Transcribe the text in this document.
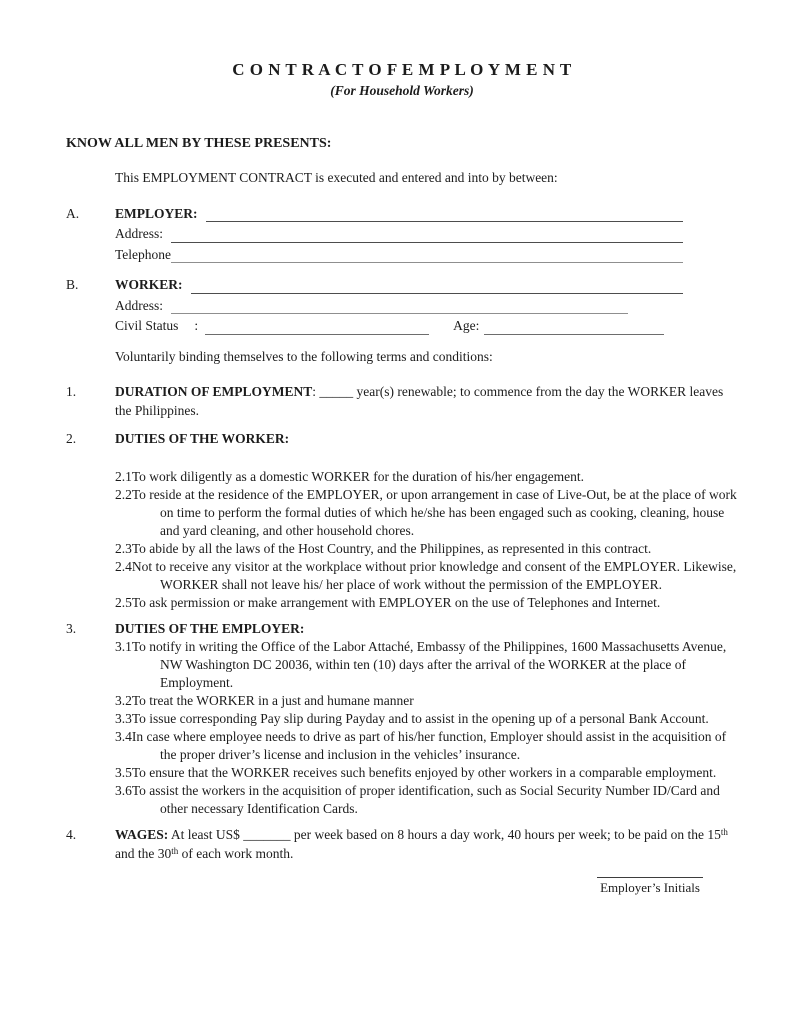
C O N T R A C T O F E M P L O Y M E N T
(For Household Workers)
KNOW ALL MEN BY THESE PRESENTS:
This EMPLOYMENT CONTRACT is executed and entered and into by between:
A.	EMPLOYER:
Address:
Telephone
B.	WORKER:
Address:
Civil Status :	Age:
Voluntarily binding themselves to the following terms and conditions:
1.	DURATION OF EMPLOYMENT: _____ year(s) renewable; to commence from the day the WORKER leaves the Philippines.
2.	DUTIES OF THE WORKER:
2.1To work diligently as a domestic WORKER for the duration of his/her engagement.
2.2To reside at the residence of the EMPLOYER, or upon arrangement in case of Live-Out, be at the place of work on time to perform the formal duties of which he/she has been engaged such as cooking, cleaning, house and yard cleaning, and other household chores.
2.3To abide by all the laws of the Host Country, and the Philippines, as represented in this contract.
2.4Not to receive any visitor at the workplace without prior knowledge and consent of the EMPLOYER. Likewise, WORKER shall not leave his/ her place of work without the permission of the EMPLOYER.
2.5To ask permission or make arrangement with EMPLOYER on the use of Telephones and Internet.
3.	DUTIES OF THE EMPLOYER:
3.1To notify in writing the Office of the Labor Attaché, Embassy of the Philippines, 1600 Massachusetts Avenue, NW Washington DC 20036, within ten (10) days after the arrival of the WORKER at the place of Employment.
3.2To treat the WORKER in a just and humane manner
3.3To issue corresponding Pay slip during Payday and to assist in the opening up of a personal Bank Account.
3.4In case where employee needs to drive as part of his/her function, Employer should assist in the acquisition of the proper driver’s license and inclusion in the vehicles’ insurance.
3.5To ensure that the WORKER receives such benefits enjoyed by other workers in a comparable employment.
3.6To assist the workers in the acquisition of proper identification, such as Social Security Number ID/Card and other necessary Identification Cards.
4.	WAGES: At least US$ _______ per week based on 8 hours a day work, 40 hours per week; to be paid on the 15th and the 30th of each work month.
Employer’s Initials
